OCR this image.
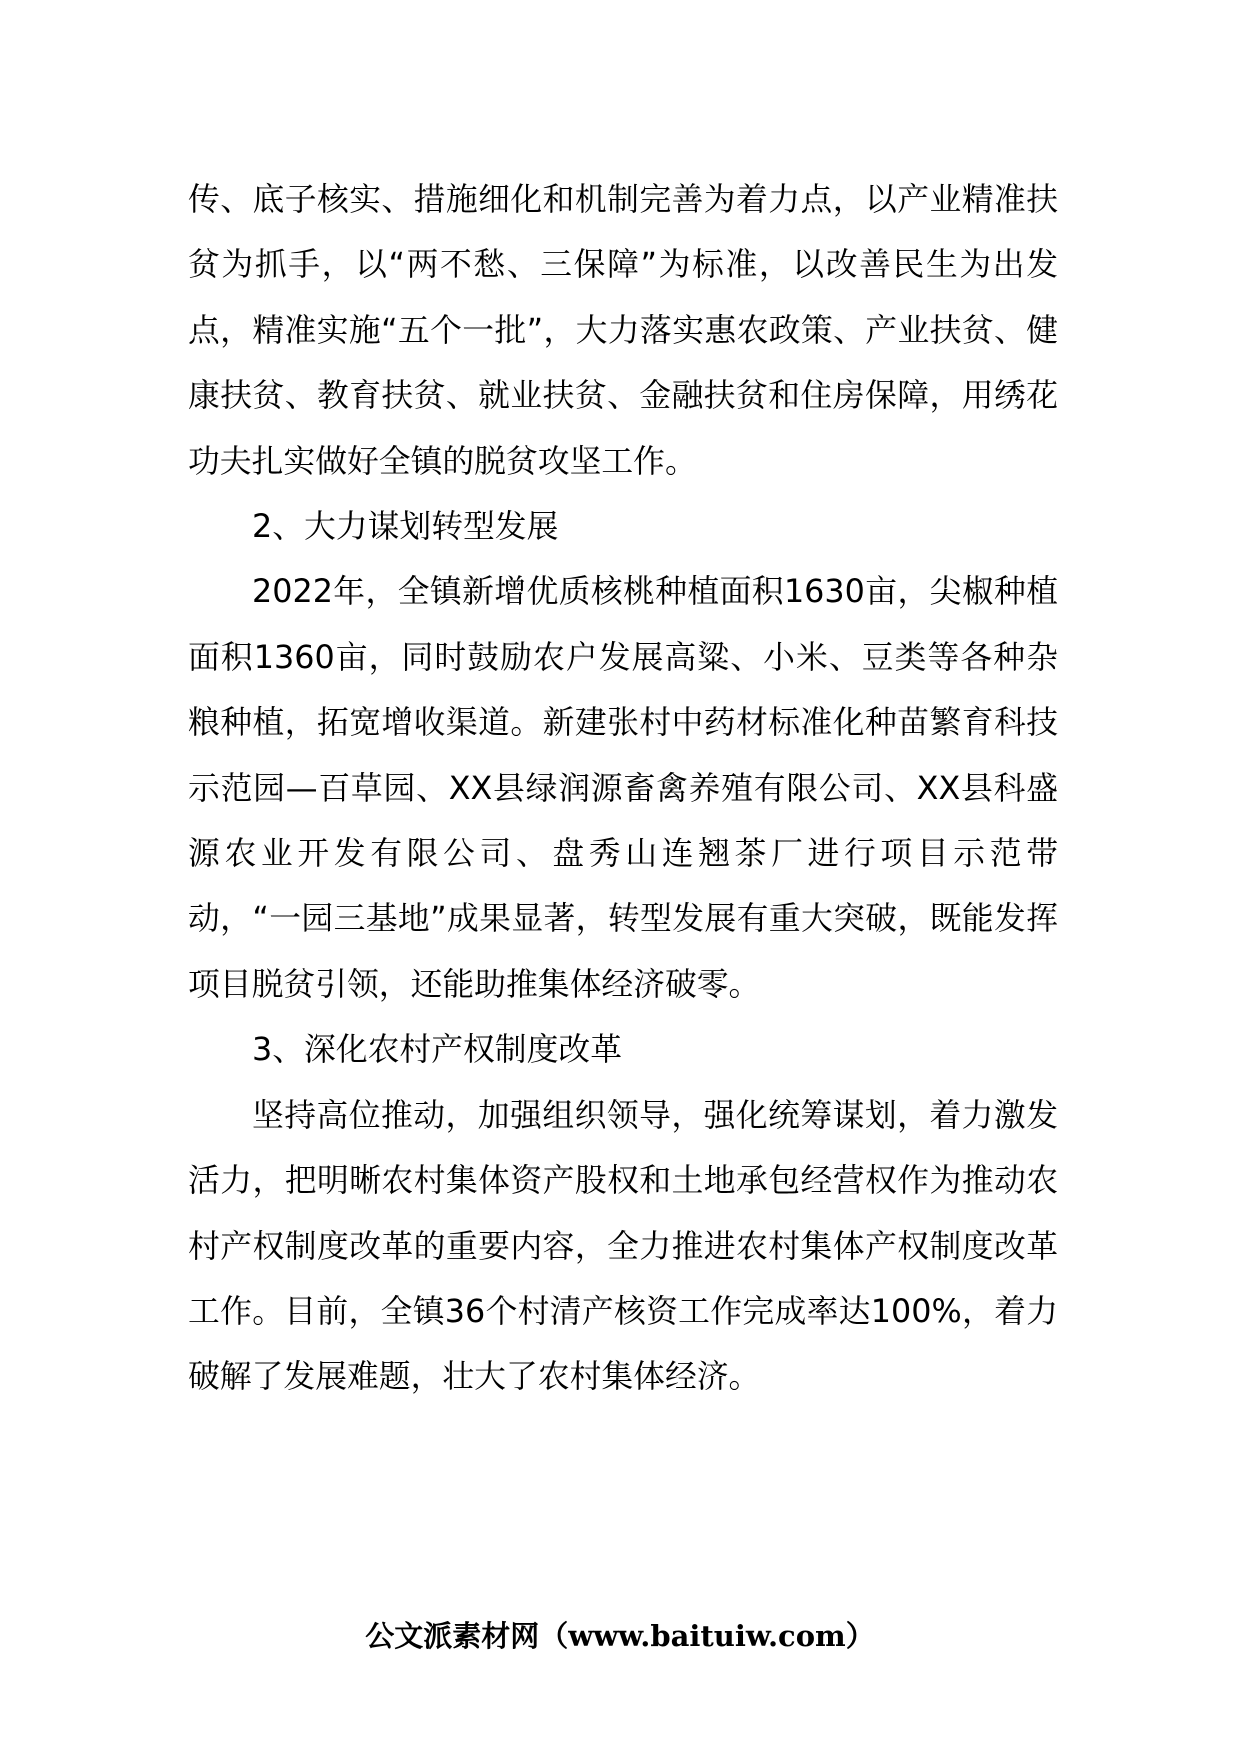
传、底子核实、措施细化和机制完善为着力点，以产业精准扶贫为抓手，以“两不愁、三保障”为标准，以改善民生为出发点，精准实施“五个一批”，大力落实惠农政策、产业扶贫、健康扶贫、教育扶贫、就业扶贫、金融扶贫和住房保障，用绣花功夫扎实做好全镇的脱贫攻坚工作。

2、大力谋划转型发展

2022年，全镇新增优质核桃种植面积1630亩，尖椒种植面积1360亩，同时鼓励农户发展高粱、小米、豆类等各种杂粮种植，拓宽增收渠道。新建张村中药材标准化种苗繁育科技示范园—百草园、XX县绿润源畜禽养殖有限公司、XX县科盛源农业开发有限公司、盘秀山连翘茶厂进行项目示范带动，“一园三基地”成果显著，转型发展有重大突破，既能发挥项目脱贫引领，还能助推集体经济破零。

3、深化农村产权制度改革

坚持高位推动，加强组织领导，强化统筹谋划，着力激发活力，把明晰农村集体资产股权和土地承包经营权作为推动农村产权制度改革的重要内容，全力推进农村集体产权制度改革工作。目前，全镇36个村清产核资工作完成率达100%，着力破解了发展难题，壮大了农村集体经济。

公文派素材网（www.baituiw.com）
